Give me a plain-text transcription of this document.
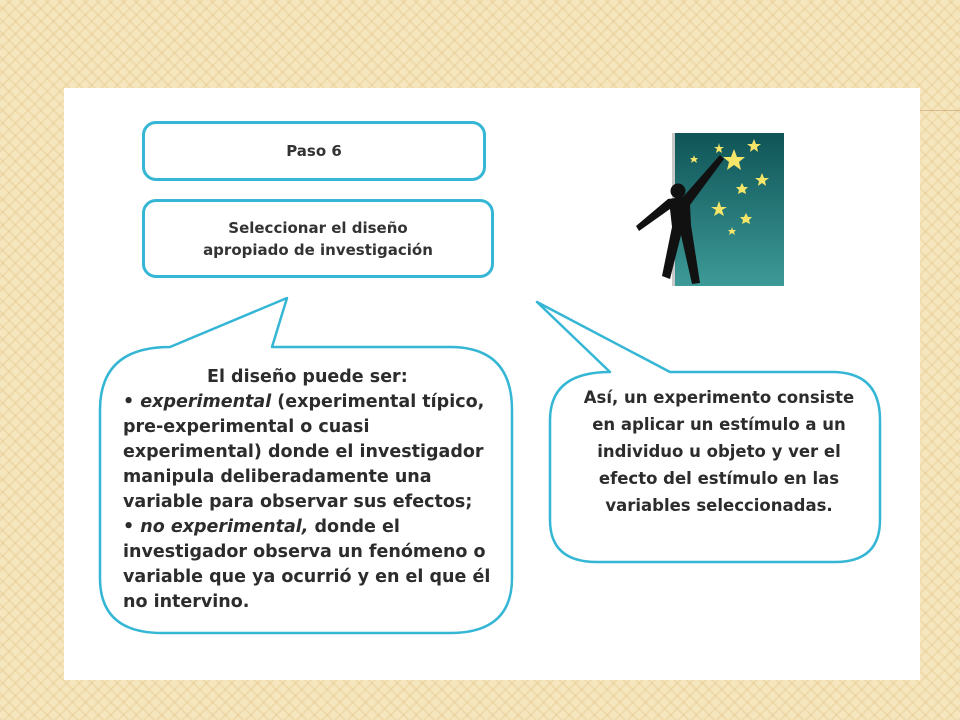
Paso 6
Seleccionar el diseño
apropiado de investigación
El diseño puede ser:
• experimental (experimental típico,
pre-experimental o cuasi
experimental) donde el investigador
manipula deliberadamente una
variable para observar sus efectos;
• no experimental, donde el
investigador observa un fenómeno o
variable que ya ocurrió y en el que él
no intervino.
Así, un experimento consiste
en aplicar un estímulo a un
individuo u objeto y ver el
efecto del estímulo en las
variables seleccionadas.
